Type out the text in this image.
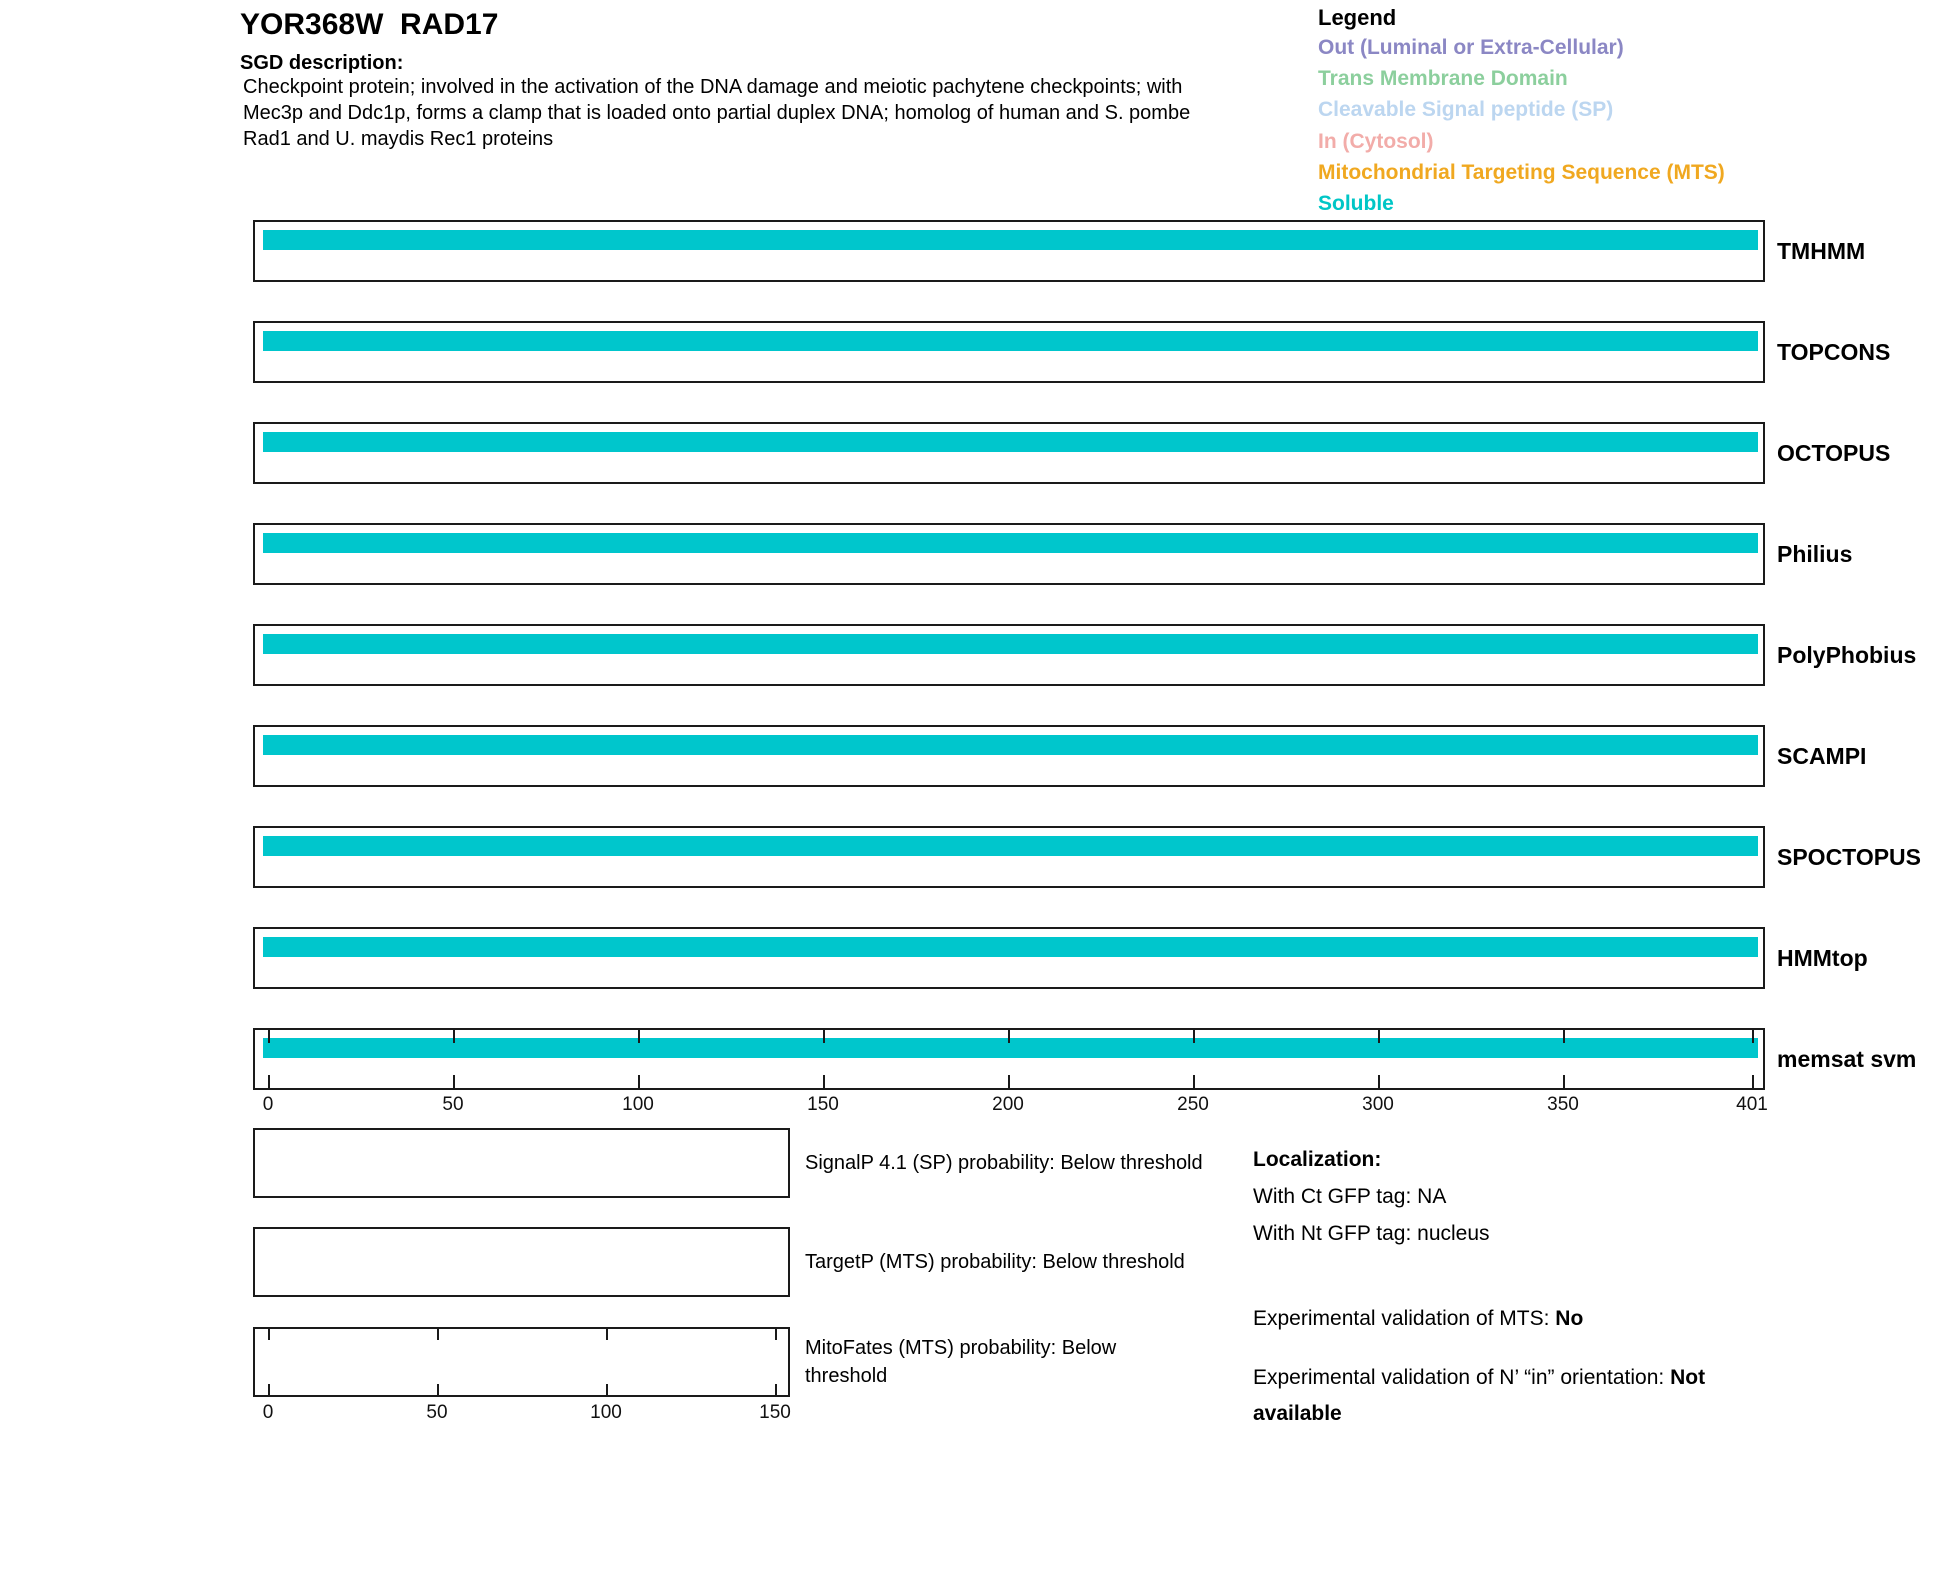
YOR368W  RAD17
SGD description:
Checkpoint protein; involved in the activation of the DNA damage and meiotic pachytene checkpoints; with
Mec3p and Ddc1p, forms a clamp that is loaded onto partial duplex DNA; homolog of human and S. pombe
Rad1 and U. maydis Rec1 proteins
Legend
Out (Luminal or Extra-Cellular)
Trans Membrane Domain
Cleavable Signal peptide (SP)
In (Cytosol)
Mitochondrial Targeting Sequence (MTS)
Soluble
TMHMM
TOPCONS
OCTOPUS
Philius
PolyPhobius
SCAMPI
SPOCTOPUS
HMMtop
memsat svm
0	50	100	150	200	250	300	350	401
SignalP 4.1 (SP) probability: Below threshold
TargetP (MTS) probability: Below threshold
MitoFates (MTS) probability: Below
threshold
0	50	100	150
Localization:
With Ct GFP tag: NA
With Nt GFP tag: nucleus
Experimental validation of MTS: No
Experimental validation of N’ “in” orientation: Not available
